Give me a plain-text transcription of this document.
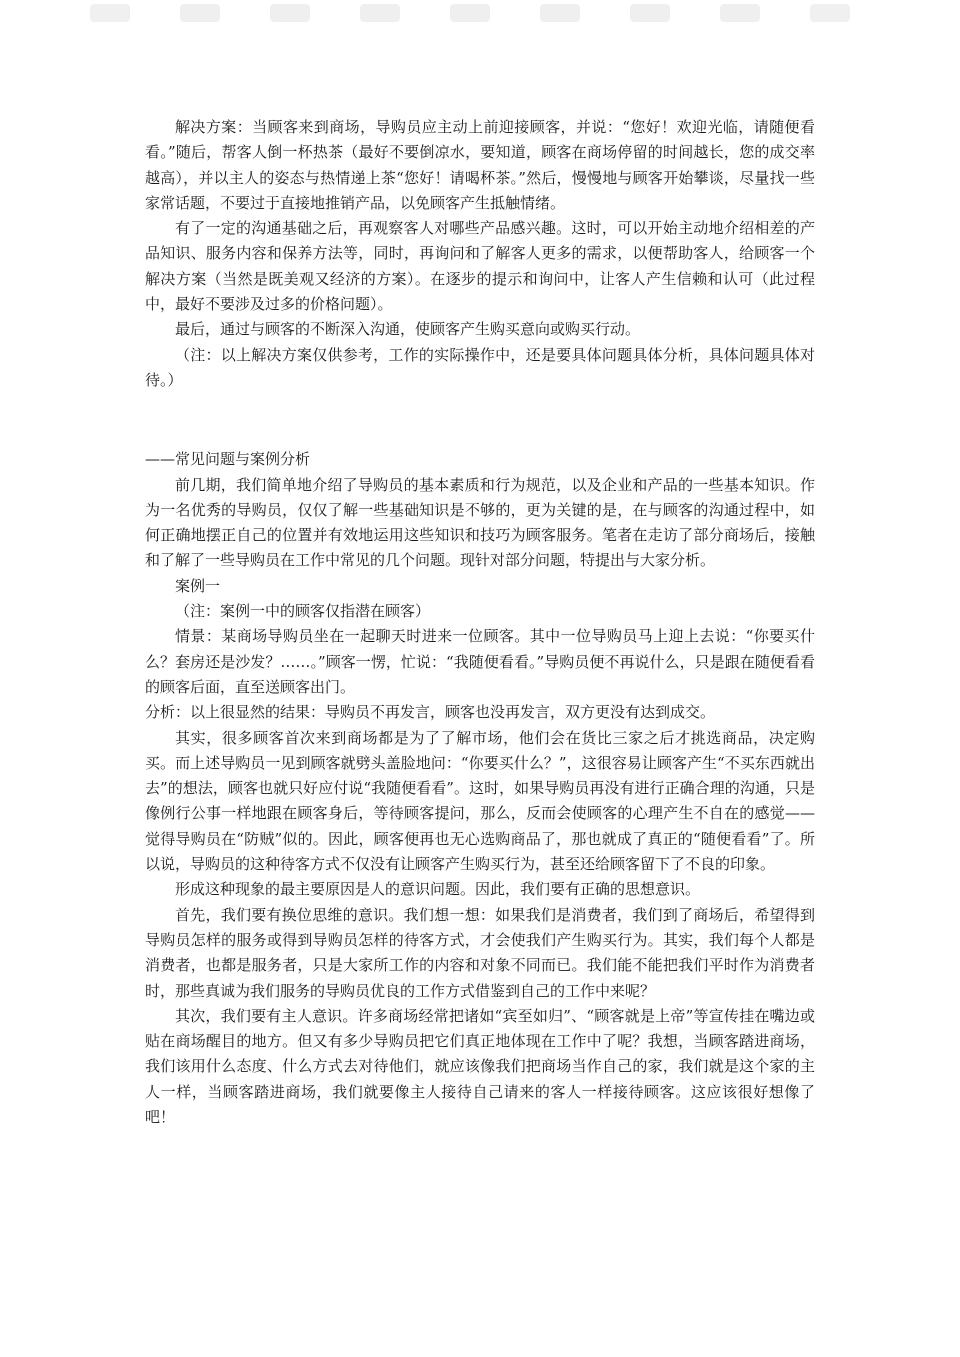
解决方案：当顾客来到商场，导购员应主动上前迎接顾客，并说：“您好！欢迎光临，请随便看看。”随后，帮客人倒一杯热茶（最好不要倒凉水，要知道，顾客在商场停留的时间越长，您的成交率越高），并以主人的姿态与热情递上茶“您好！请喝杯茶。”然后，慢慢地与顾客开始攀谈，尽量找一些家常话题，不要过于直接地推销产品，以免顾客产生抵触情绪。

有了一定的沟通基础之后，再观察客人对哪些产品感兴趣。这时，可以开始主动地介绍相差的产品知识、服务内容和保养方法等，同时，再询问和了解客人更多的需求，以便帮助客人，给顾客一个解决方案（当然是既美观又经济的方案）。在逐步的提示和询问中，让客人产生信赖和认可（此过程中，最好不要涉及过多的价格问题）。

最后，通过与顾客的不断深入沟通，使顾客产生购买意向或购买行动。

（注：以上解决方案仅供参考，工作的实际操作中，还是要具体问题具体分析，具体问题具体对待。）

——常见问题与案例分析

前几期，我们简单地介绍了导购员的基本素质和行为规范，以及企业和产品的一些基本知识。作为一名优秀的导购员，仅仅了解一些基础知识是不够的，更为关键的是，在与顾客的沟通过程中，如何正确地摆正自己的位置并有效地运用这些知识和技巧为顾客服务。笔者在走访了部分商场后，接触和了解了一些导购员在工作中常见的几个问题。现针对部分问题，特提出与大家分析。

案例一

（注：案例一中的顾客仅指潜在顾客）

情景：某商场导购员坐在一起聊天时进来一位顾客。其中一位导购员马上迎上去说：“你要买什么？套房还是沙发？……。”顾客一愣，忙说：“我随便看看。”导购员便不再说什么，只是跟在随便看看的顾客后面，直至送顾客出门。

分析：以上很显然的结果：导购员不再发言，顾客也没再发言，双方更没有达到成交。

其实，很多顾客首次来到商场都是为了了解市场，他们会在货比三家之后才挑选商品，决定购买。而上述导购员一见到顾客就劈头盖脸地问：“你要买什么？”，这很容易让顾客产生“不买东西就出去”的想法，顾客也就只好应付说“我随便看看”。这时，如果导购员再没有进行正确合理的沟通，只是像例行公事一样地跟在顾客身后，等待顾客提问，那么，反而会使顾客的心理产生不自在的感觉——觉得导购员在“防贼”似的。因此，顾客便再也无心选购商品了，那也就成了真正的“随便看看”了。所以说，导购员的这种待客方式不仅没有让顾客产生购买行为，甚至还给顾客留下了不良的印象。

形成这种现象的最主要原因是人的意识问题。因此，我们要有正确的思想意识。

首先，我们要有换位思维的意识。我们想一想：如果我们是消费者，我们到了商场后，希望得到导购员怎样的服务或得到导购员怎样的待客方式，才会使我们产生购买行为。其实，我们每个人都是消费者，也都是服务者，只是大家所工作的内容和对象不同而已。我们能不能把我们平时作为消费者时，那些真诚为我们服务的导购员优良的工作方式借鉴到自己的工作中来呢？

其次，我们要有主人意识。许多商场经常把诸如“宾至如归”、“顾客就是上帝”等宣传挂在嘴边或贴在商场醒目的地方。但又有多少导购员把它们真正地体现在工作中了呢？我想，当顾客踏进商场，我们该用什么态度、什么方式去对待他们，就应该像我们把商场当作自己的家，我们就是这个家的主人一样，当顾客踏进商场，我们就要像主人接待自己请来的客人一样接待顾客。这应该很好想像了吧！
